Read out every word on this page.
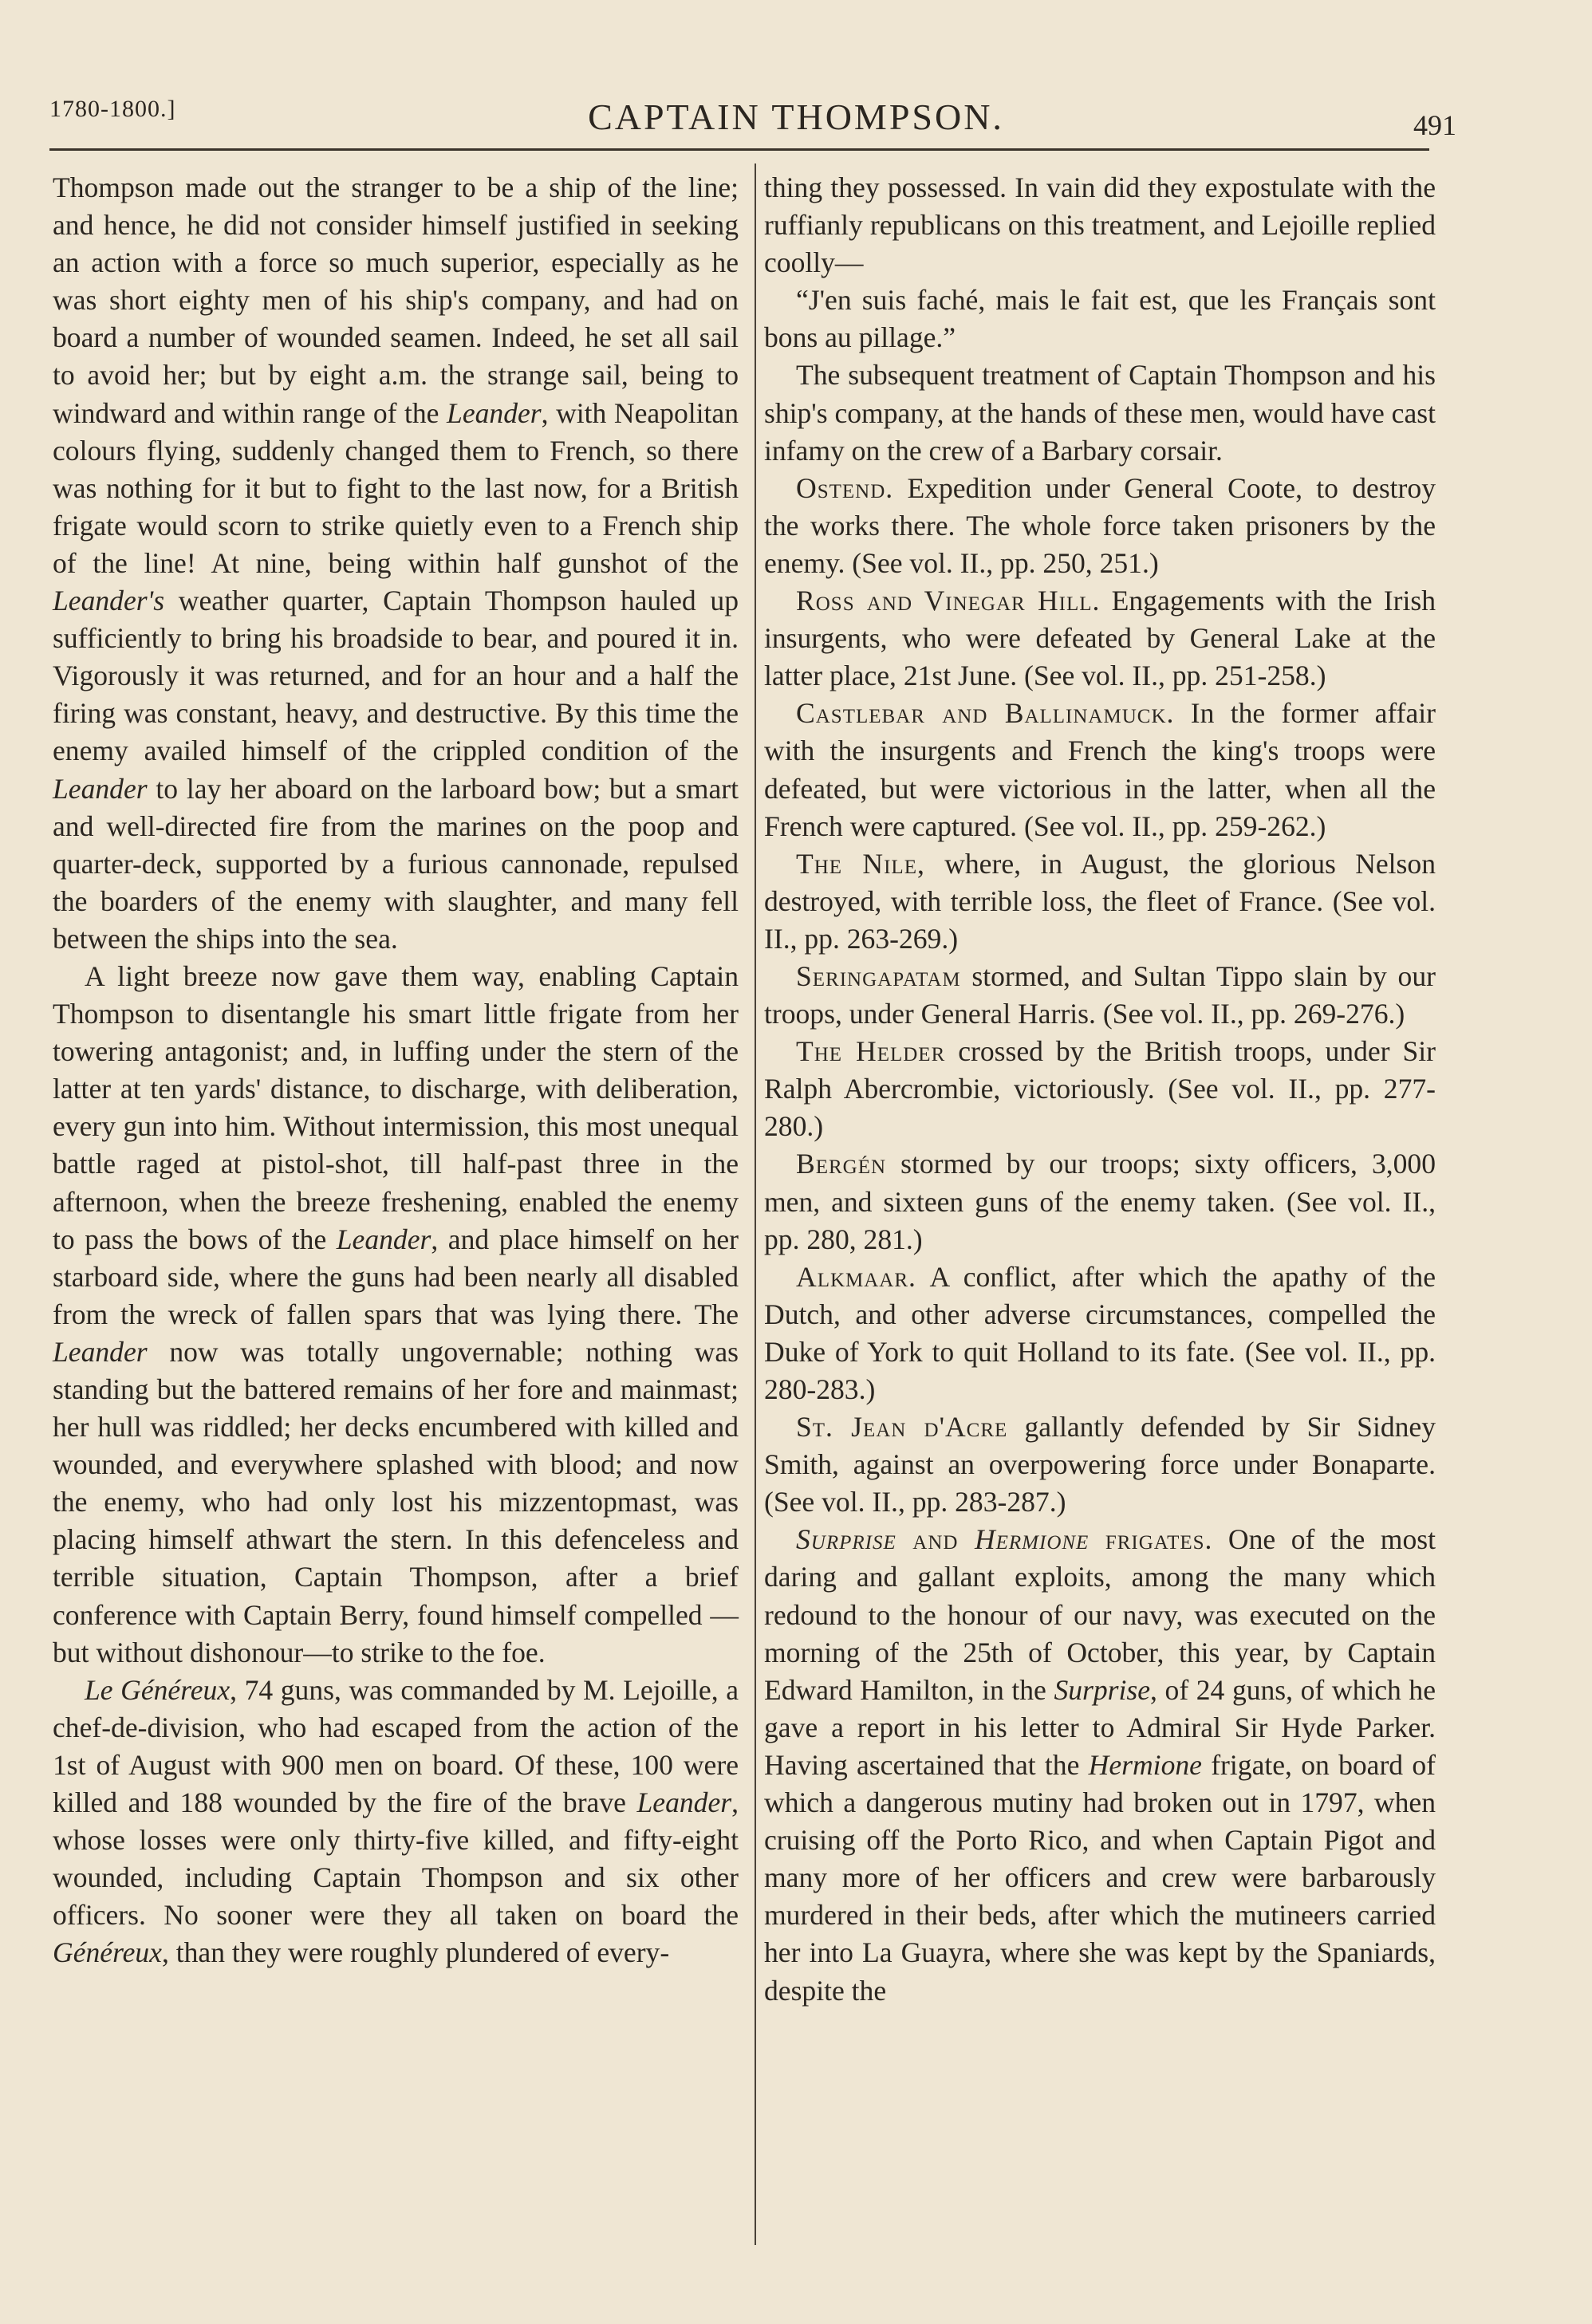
1780-1800.]	CAPTAIN THOMPSON.	491

Thompson made out the stranger to be a ship of the line; and hence, he did not consider himself justified in seeking an action with a force so much superior, especially as he was short eighty men of his ship's company, and had on board a number of wounded seamen. Indeed, he set all sail to avoid her; but by eight a.m. the strange sail, being to windward and within range of the Leander, with Neapolitan colours flying, suddenly changed them to French, so there was nothing for it but to fight to the last now, for a British frigate would scorn to strike quietly even to a French ship of the line! At nine, being within half gunshot of the Leander's weather quarter, Captain Thompson hauled up sufficiently to bring his broadside to bear, and poured it in. Vigorously it was returned, and for an hour and a half the firing was constant, heavy, and destructive. By this time the enemy availed himself of the crippled condition of the Leander to lay her aboard on the larboard bow; but a smart and well-directed fire from the marines on the poop and quarter-deck, supported by a furious cannonade, repulsed the boarders of the enemy with slaughter, and many fell between the ships into the sea.

A light breeze now gave them way, enabling Captain Thompson to disentangle his smart little frigate from her towering antagonist; and, in luffing under the stern of the latter at ten yards' distance, to discharge, with deliberation, every gun into him. Without intermission, this most unequal battle raged at pistol-shot, till half-past three in the afternoon, when the breeze freshening, enabled the enemy to pass the bows of the Leander, and place himself on her starboard side, where the guns had been nearly all disabled from the wreck of fallen spars that was lying there. The Leander now was totally ungovernable; nothing was standing but the battered remains of her fore and mainmast; her hull was riddled; her decks encumbered with killed and wounded, and everywhere splashed with blood; and now the enemy, who had only lost his mizzentopmast, was placing himself athwart the stern. In this defenceless and terrible situation, Captain Thompson, after a brief conference with Captain Berry, found himself compelled — but without dishonour—to strike to the foe.

Le Généreux, 74 guns, was commanded by M. Lejoille, a chef-de-division, who had escaped from the action of the 1st of August with 900 men on board. Of these, 100 were killed and 188 wounded by the fire of the brave Leander, whose losses were only thirty-five killed, and fifty-eight wounded, including Captain Thompson and six other officers. No sooner were they all taken on board the Généreux, than they were roughly plundered of every-

thing they possessed. In vain did they expostulate with the ruffianly republicans on this treatment, and Lejoille replied coolly—

“J'en suis faché, mais le fait est, que les Français sont bons au pillage.”

The subsequent treatment of Captain Thompson and his ship's company, at the hands of these men, would have cast infamy on the crew of a Barbary corsair.

Ostend. Expedition under General Coote, to destroy the works there. The whole force taken prisoners by the enemy. (See vol. II., pp. 250, 251.)

Ross and Vinegar Hill. Engagements with the Irish insurgents, who were defeated by General Lake at the latter place, 21st June. (See vol. II., pp. 251-258.)

Castlebar and Ballinamuck. In the former affair with the insurgents and French the king's troops were defeated, but were victorious in the latter, when all the French were captured. (See vol. II., pp. 259-262.)

The Nile, where, in August, the glorious Nelson destroyed, with terrible loss, the fleet of France. (See vol. II., pp. 263-269.)

Seringapatam stormed, and Sultan Tippo slain by our troops, under General Harris. (See vol. II., pp. 269-276.)

The Helder crossed by the British troops, under Sir Ralph Abercrombie, victoriously. (See vol. II., pp. 277-280.)

Bergén stormed by our troops; sixty officers, 3,000 men, and sixteen guns of the enemy taken. (See vol. II., pp. 280, 281.)

Alkmaar. A conflict, after which the apathy of the Dutch, and other adverse circumstances, compelled the Duke of York to quit Holland to its fate. (See vol. II., pp. 280-283.)

St. Jean d'Acre gallantly defended by Sir Sidney Smith, against an overpowering force under Bonaparte. (See vol. II., pp. 283-287.)

Surprise and Hermione frigates. One of the most daring and gallant exploits, among the many which redound to the honour of our navy, was executed on the morning of the 25th of October, this year, by Captain Edward Hamilton, in the Surprise, of 24 guns, of which he gave a report in his letter to Admiral Sir Hyde Parker. Having ascertained that the Hermione frigate, on board of which a dangerous mutiny had broken out in 1797, when cruising off the Porto Rico, and when Captain Pigot and many more of her officers and crew were barbarously murdered in their beds, after which the mutineers carried her into La Guayra, where she was kept by the Spaniards, despite the
